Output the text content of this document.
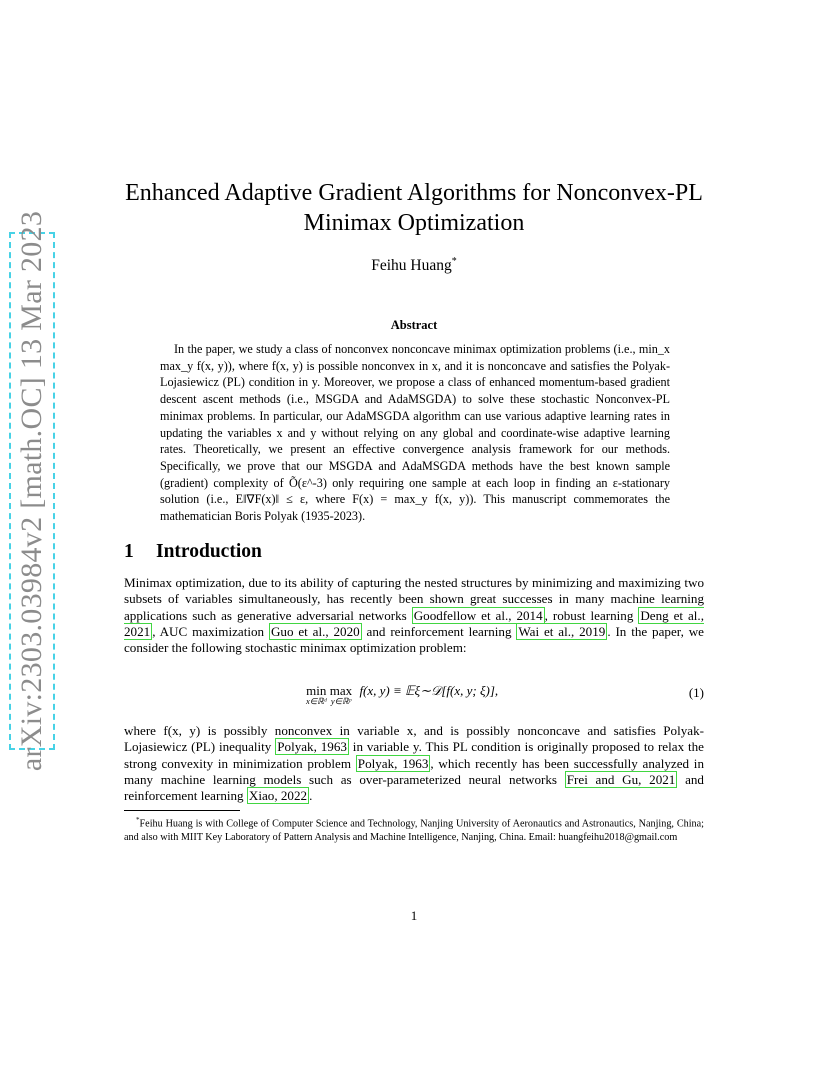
arXiv:2303.03984v2 [math.OC] 13 Mar 2023
Enhanced Adaptive Gradient Algorithms for Nonconvex-PL Minimax Optimization
Feihu Huang*
Abstract

In the paper, we study a class of nonconvex nonconcave minimax optimization problems (i.e., min_x max_y f(x, y)), where f(x, y) is possible nonconvex in x, and it is nonconcave and satisfies the Polyak-Lojasiewicz (PL) condition in y. Moreover, we propose a class of enhanced momentum-based gradient descent ascent methods (i.e., MSGDA and AdaMSGDA) to solve these stochastic Nonconvex-PL minimax problems. In particular, our AdaMSGDA algorithm can use various adaptive learning rates in updating the variables x and y without relying on any global and coordinate-wise adaptive learning rates. Theoretically, we present an effective convergence analysis framework for our methods. Specifically, we prove that our MSGDA and AdaMSGDA methods have the best known sample (gradient) complexity of Õ(ε^-3) only requiring one sample at each loop in finding an ε-stationary solution (i.e., E‖∇F(x)‖ ≤ ε, where F(x) = max_y f(x, y)). This manuscript commemorates the mathematician Boris Polyak (1935-2023).

1 Introduction

Minimax optimization, due to its ability of capturing the nested structures by minimizing and maximizing two subsets of variables simultaneously, has recently been shown great successes in many machine learning applications such as generative adversarial networks Goodfellow et al., 2014 , robust learning Deng et al., 2021 , AUC maximization Guo et al., 2020 and reinforcement learning Wai et al., 2019 . In the paper, we consider the following stochastic minimax optimization problem:

min
x∈ℝᵈ
max
y∈ℝᵖ
f(x, y) ≡ 𝔼ξ∼𝒟[f(x, y; ξ)],	(1)

where f(x, y) is possibly nonconvex in variable x, and is possibly nonconcave and satisfies Polyak-Lojasiewicz (PL) inequality Polyak, 1963 in variable y. This PL condition is originally proposed to relax the strong convexity in minimization problem Polyak, 1963 , which recently has been successfully analyzed in many machine learning models such as over-parameterized neural networks Frei and Gu, 2021 and reinforcement learning Xiao, 2022 .

*Feihu Huang is with College of Computer Science and Technology, Nanjing University of Aeronautics and Astronautics, Nanjing, China; and also with MIIT Key Laboratory of Pattern Analysis and Machine Intelligence, Nanjing, China. Email: huangfeihu2018@gmail.com

1
